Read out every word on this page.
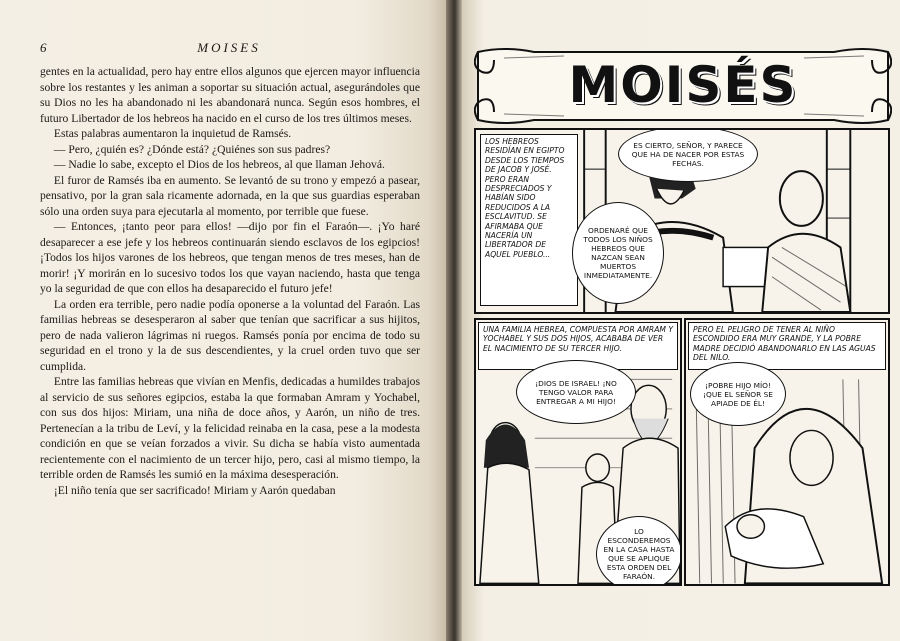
6	MOISES

gentes en la actualidad, pero hay entre ellos algunos que ejercen mayor influencia sobre los restantes y les animan a soportar su situación actual, asegurándoles que su Dios no les ha abandonado ni les abandonará nunca. Según esos hombres, el futuro Libertador de los hebreos ha nacido en el curso de los tres últimos meses.

Estas palabras aumentaron la inquietud de Ramsés.

— Pero, ¿quién es? ¿Dónde está? ¿Quiénes son sus padres?

— Nadie lo sabe, excepto el Dios de los hebreos, al que llaman Jehová.

El furor de Ramsés iba en aumento. Se levantó de su trono y empezó a pasear, pensativo, por la gran sala ricamente adornada, en la que sus guardias esperaban sólo una orden suya para ejecutarla al momento, por terrible que fuese.

— Entonces, ¡tanto peor para ellos! —dijo por fin el Faraón—. ¡Yo haré desaparecer a ese jefe y los hebreos continuarán siendo esclavos de los egipcios! ¡Todos los hijos varones de los hebreos, que tengan menos de tres meses, han de morir! ¡Y morirán en lo sucesivo todos los que vayan naciendo, hasta que tenga yo la seguridad de que con ellos ha desaparecido el futuro jefe!

La orden era terrible, pero nadie podía oponerse a la voluntad del Faraón. Las familias hebreas se desesperaron al saber que tenían que sacrificar a sus hijitos, pero de nada valieron lágrimas ni ruegos. Ramsés ponía por encima de todo su seguridad en el trono y la de sus descendientes, y la cruel orden tuvo que ser cumplida.

Entre las familias hebreas que vivían en Menfis, dedicadas a humildes trabajos al servicio de sus señores egipcios, estaba la que formaban Amram y Yochabel, con sus dos hijos: Miriam, una niña de doce años, y Aarón, un niño de tres. Pertenecían a la tribu de Leví, y la felicidad reinaba en la casa, pese a la modesta condición en que se veían forzados a vivir. Su dicha se había visto aumentada recientemente con el nacimiento de un tercer hijo, pero, casi al mismo tiempo, la terrible orden de Ramsés les sumió en la máxima desesperación.

¡El niño tenía que ser sacrificado! Miriam y Aarón quedaban

MOISÉS
LOS HEBREOS RESIDÍAN EN EGIPTO DESDE LOS TIEMPOS DE JACOB Y JOSÉ. PERO ERAN DESPRECIADOS Y HABÍAN SIDO REDUCIDOS A LA ESCLAVITUD. SE AFIRMABA QUE NACERÍA UN LIBERTADOR DE AQUEL PUEBLO...
ES CIERTO, SEÑOR, Y PARECE QUE HA DE NACER POR ESTAS FECHAS.
ORDENARÉ QUE TODOS LOS NIÑOS HEBREOS QUE NAZCAN SEAN MUERTOS INMEDIATAMENTE.
UNA FAMILIA HEBREA, COMPUESTA POR AMRAM Y YOCHABEL Y SUS DOS HIJOS, ACABABA DE VER EL NACIMIENTO DE SU TERCER HIJO.
¡DIOS DE ISRAEL! ¡NO TENGO VALOR PARA ENTREGAR A MI HIJO!
LO ESCONDEREMOS EN LA CASA HASTA QUE SE APLIQUE ESTA ORDEN DEL FARAÓN.
PERO EL PELIGRO DE TENER AL NIÑO ESCONDIDO ERA MUY GRANDE, Y LA POBRE MADRE DECIDIÓ ABANDONARLO EN LAS AGUAS DEL NILO.
¡POBRE HIJO MÍO! ¡QUE EL SEÑOR SE APIADE DE ÉL!
